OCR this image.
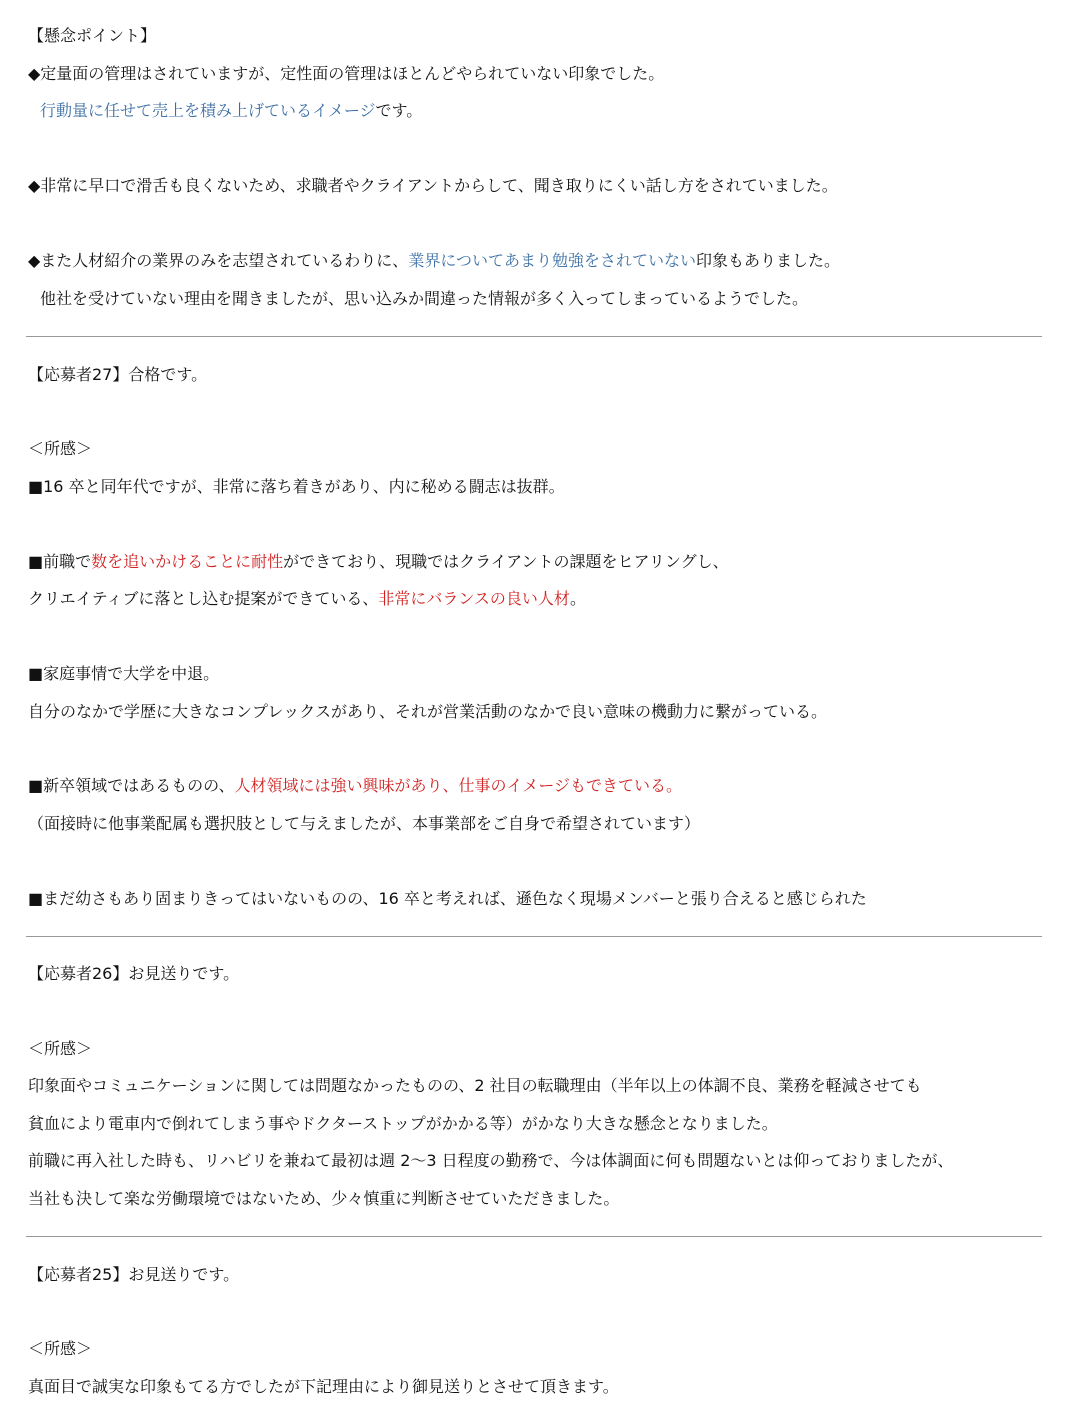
【懸念ポイント】
◆定量面の管理はされていますが、定性面の管理はほとんどやられていない印象でした。
行動量に任せて売上を積み上げているイメージです。
◆非常に早口で滑舌も良くないため、求職者やクライアントからして、聞き取りにくい話し方をされていました。
◆また人材紹介の業界のみを志望されているわりに、業界についてあまり勉強をされていない印象もありました。
他社を受けていない理由を聞きましたが、思い込みか間違った情報が多く入ってしまっているようでした。
【応募者27】合格です。
＜所感＞
■16 卒と同年代ですが、非常に落ち着きがあり、内に秘める闘志は抜群。
■前職で数を追いかけることに耐性ができており、現職ではクライアントの課題をヒアリングし、
クリエイティブに落とし込む提案ができている、非常にバランスの良い人材。
■家庭事情で大学を中退。
自分のなかで学歴に大きなコンプレックスがあり、それが営業活動のなかで良い意味の機動力に繋がっている。
■新卒領域ではあるものの、人材領域には強い興味があり、仕事のイメージもできている。
（面接時に他事業配属も選択肢として与えましたが、本事業部をご自身で希望されています）
■まだ幼さもあり固まりきってはいないものの、16 卒と考えれば、遜色なく現場メンバーと張り合えると感じられた
【応募者26】お見送りです。
＜所感＞
印象面やコミュニケーションに関しては問題なかったものの、2 社目の転職理由（半年以上の体調不良、業務を軽減させても
貧血により電車内で倒れてしまう事やドクターストップがかかる等）がかなり大きな懸念となりました。
前職に再入社した時も、リハビリを兼ねて最初は週 2～3 日程度の勤務で、今は体調面に何も問題ないとは仰っておりましたが、
当社も決して楽な労働環境ではないため、少々慎重に判断させていただきました。
【応募者25】お見送りです。
＜所感＞
真面目で誠実な印象もてる方でしたが下記理由により御見送りとさせて頂きます。
